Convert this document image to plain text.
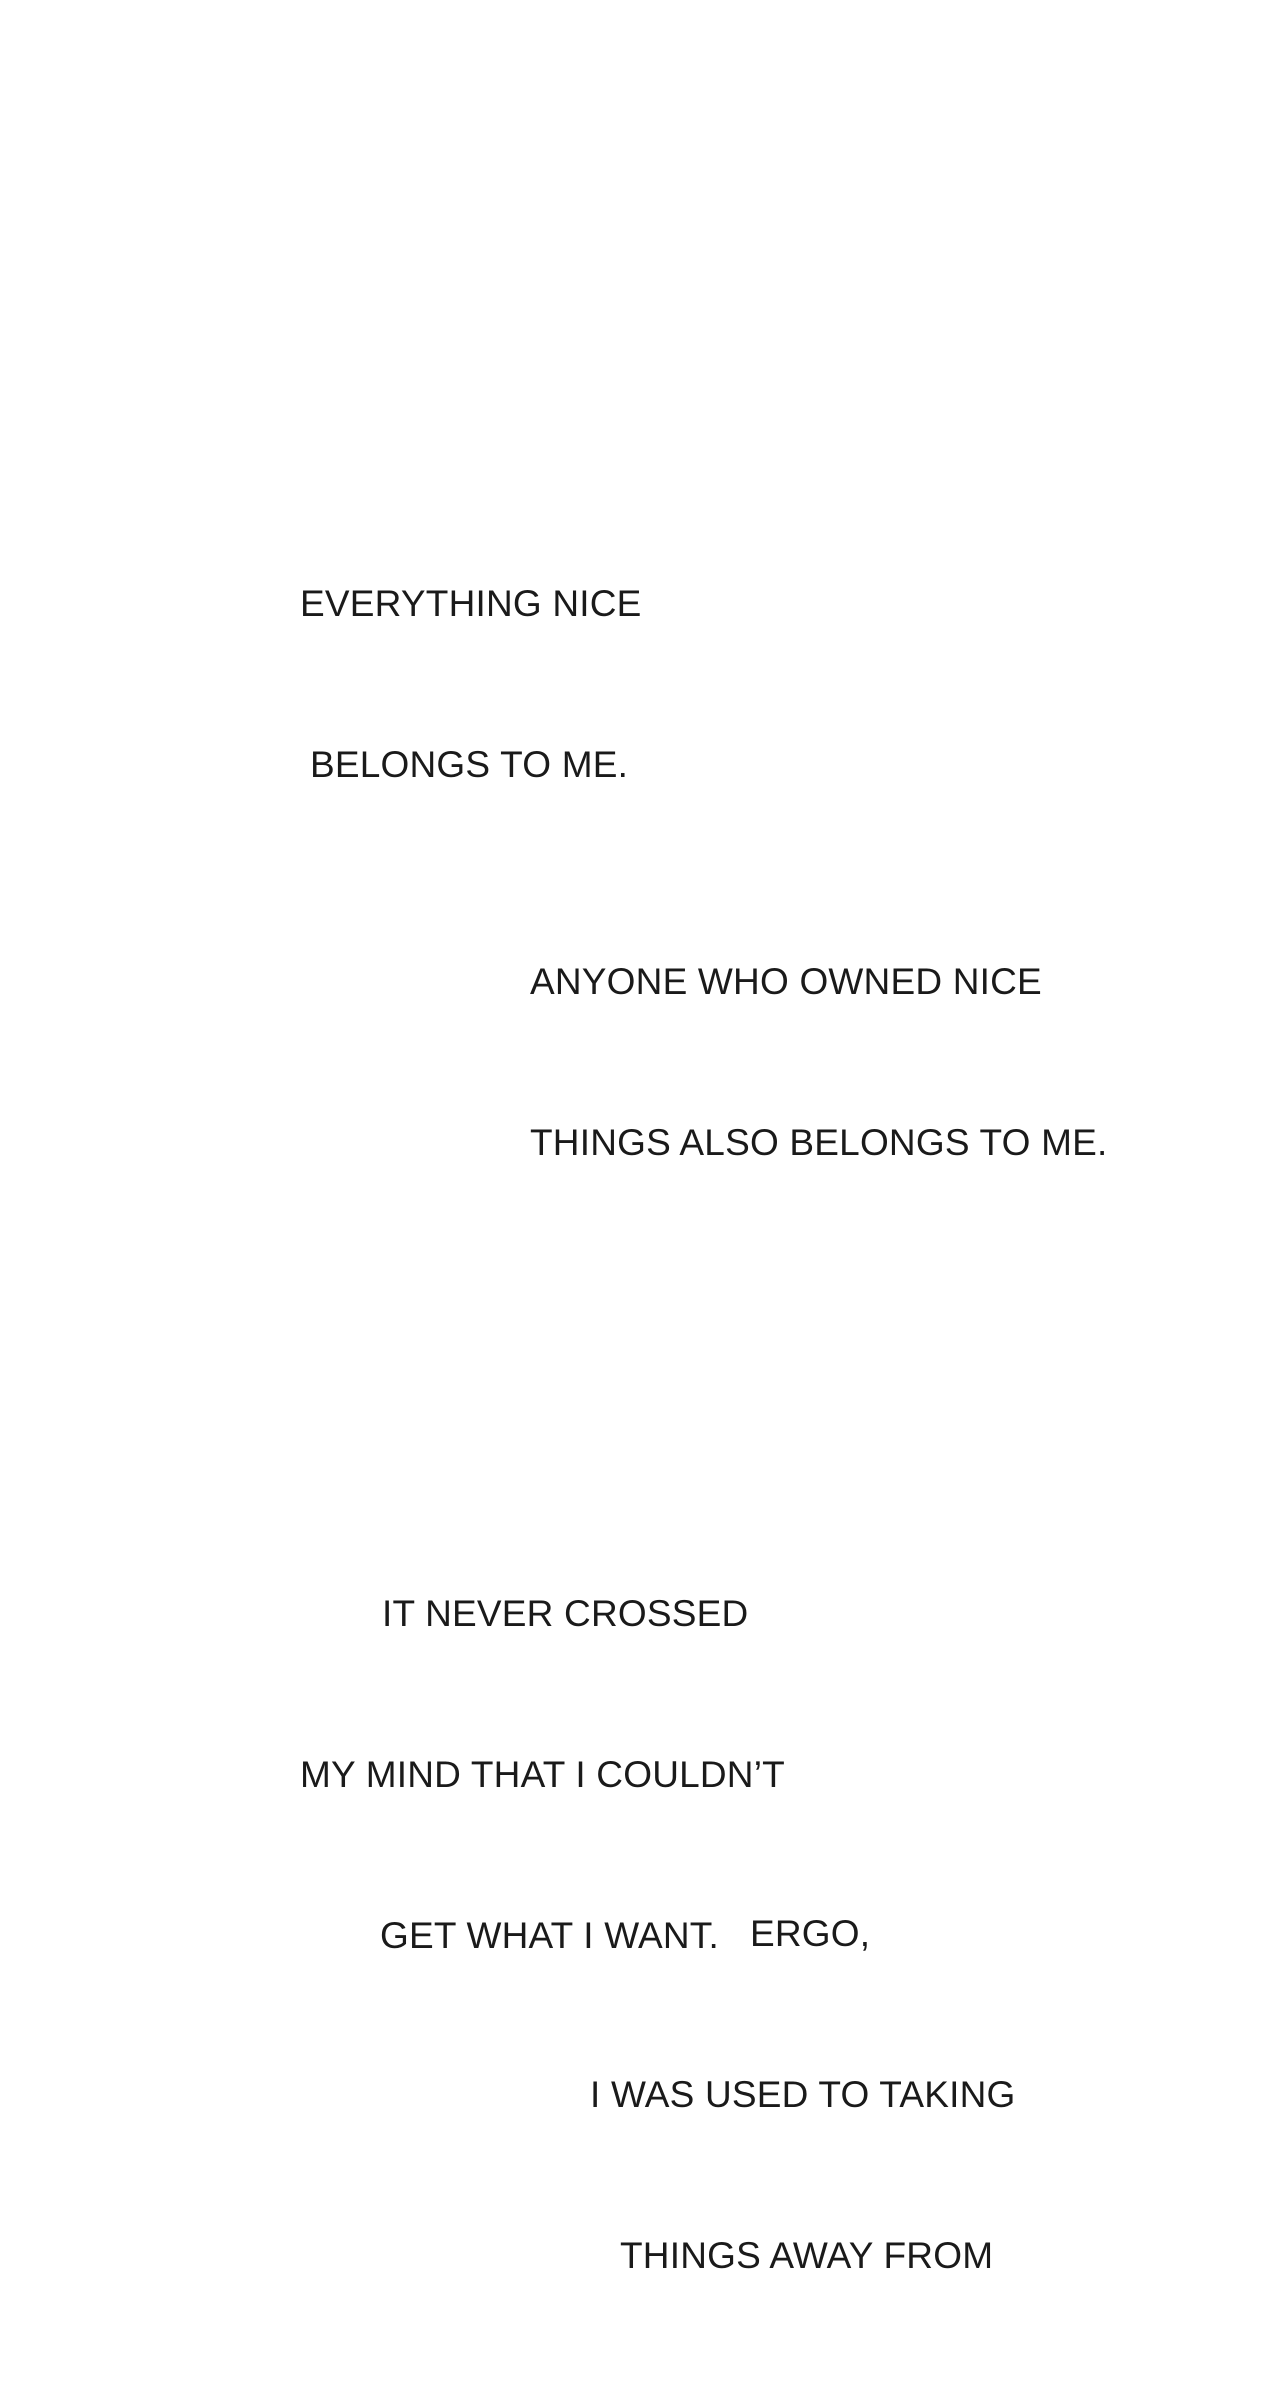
EVERYTHING NICE

BELONGS TO ME.

ANYONE WHO OWNED NICE

THINGS ALSO BELONGS TO ME.

IT NEVER CROSSED

MY MIND THAT I COULDN’T

GET WHAT I WANT.

ERGO,

I WAS USED TO TAKING

THINGS AWAY FROM
